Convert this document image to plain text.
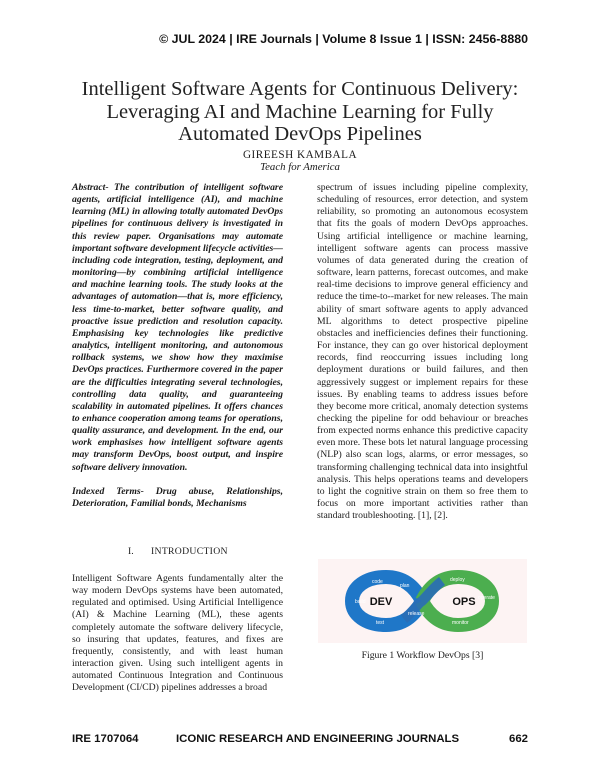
© JUL 2024 | IRE Journals | Volume 8 Issue 1 | ISSN: 2456-8880
Intelligent Software Agents for Continuous Delivery:
Leveraging AI and Machine Learning for Fully
Automated DevOps Pipelines
GIREESH KAMBALA
Teach for America

Abstract- The contribution of intelligent software agents, artificial intelligence (AI), and machine learning (ML) in allowing totally automated DevOps pipelines for continuous delivery is investigated in this review paper. Organisations may automate important software development lifecycle activities—including code integration, testing, deployment, and monitoring—by combining artificial intelligence and machine learning tools. The study looks at the advantages of automation—that is, more efficiency, less time-to-market, better software quality, and proactive issue prediction and resolution capacity. Emphasising key technologies like predictive analytics, intelligent monitoring, and autonomous rollback systems, we show how they maximise DevOps practices. Furthermore covered in the paper are the difficulties integrating several technologies, controlling data quality, and guaranteeing scalability in automated pipelines. It offers chances to enhance cooperation among teams for operations, quality assurance, and development. In the end, our work emphasises how intelligent software agents may transform DevOps, boost output, and inspire software delivery innovation.

Indexed Terms- Drug abuse, Relationships, Deterioration, Familial bonds, Mechanisms

I. INTRODUCTION

Intelligent Software Agents fundamentally alter the way modern DevOps systems have been automated, regulated and optimised. Using Artificial Intelligence (AI) & Machine Learning (ML), these agents completely automate the software delivery lifecycle, so insuring that updates, features, and fixes are frequently, consistently, and with least human interaction given. Using such intelligent agents in automated Continuous Integration and Continuous Development (CI/CD) pipelines addresses a broad

spectrum of issues including pipeline complexity, scheduling of resources, error detection, and system reliability, so promoting an autonomous ecosystem that fits the goals of modern DevOps approaches. Using artificial intelligence or machine learning, intelligent software agents can process massive volumes of data generated during the creation of software, learn patterns, forecast outcomes, and make real-time decisions to improve general efficiency and reduce the time-to--market for new releases. The main ability of smart software agents to apply advanced ML algorithms to detect prospective pipeline obstacles and inefficiencies defines their functioning. For instance, they can go over historical deployment records, find reoccurring issues including long deployment durations or build failures, and then aggressively suggest or implement repairs for these issues. By enabling teams to address issues before they become more critical, anomaly detection systems checking the pipeline for odd behaviour or breaches from expected norms enhance this predictive capacity even more. These bots let natural language processing (NLP) also scan logs, alarms, or error messages, so transforming challenging technical data into insightful analysis. This helps operations teams and developers to light the cognitive strain on them so free them to focus on more important activities rather than standard troubleshooting. [1], [2].

DEV	OPS
code
plan
build
test
release
deploy
operate
monitor
Figure 1 Workflow DevOps [3]
IRE 1707064	ICONIC RESEARCH AND ENGINEERING JOURNALS	662
